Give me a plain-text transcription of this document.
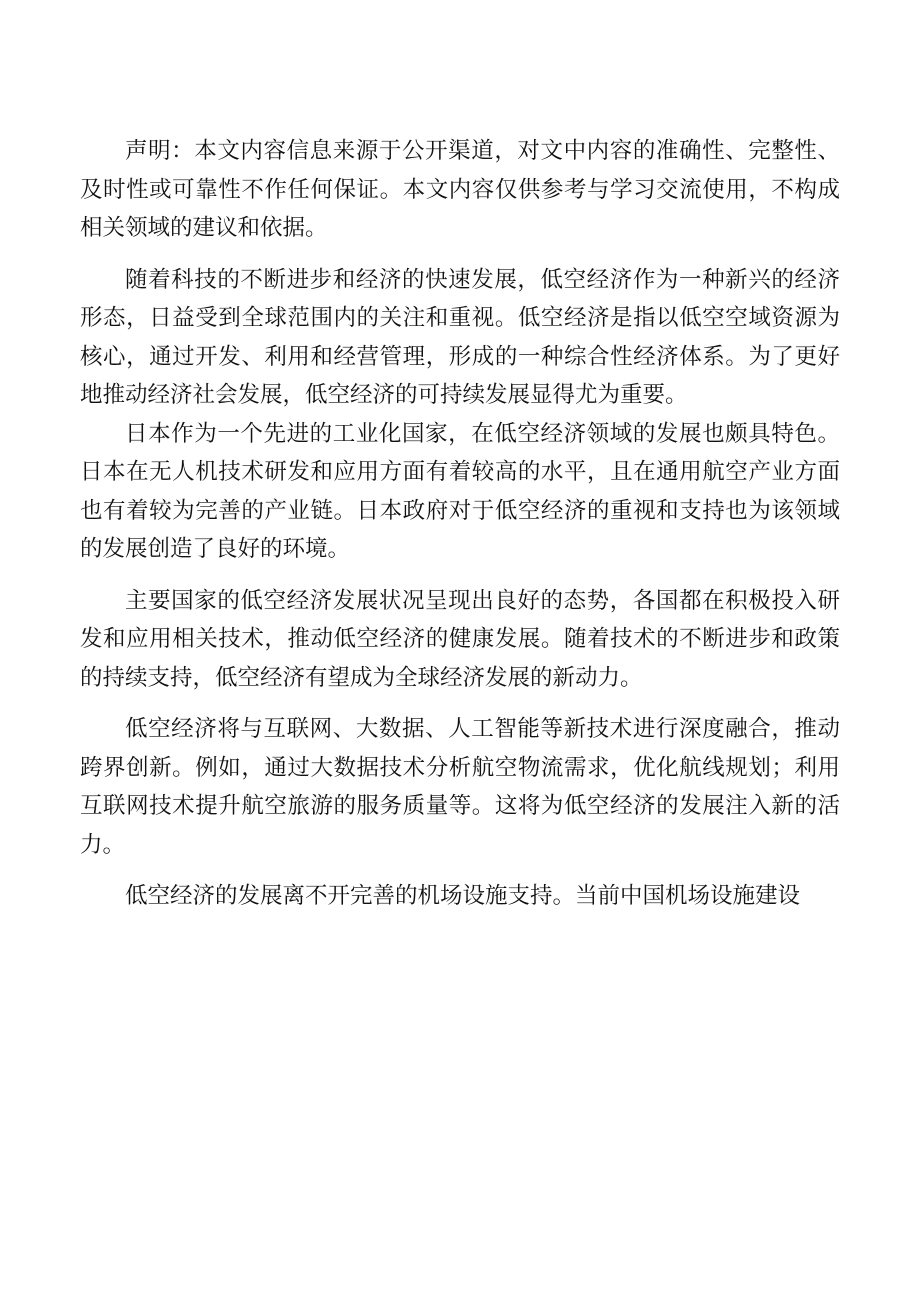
声明：本文内容信息来源于公开渠道，对文中内容的准确性、完整性、及时性或可靠性不作任何保证。本文内容仅供参考与学习交流使用，不构成相关领域的建议和依据。

随着科技的不断进步和经济的快速发展，低空经济作为一种新兴的经济形态，日益受到全球范围内的关注和重视。低空经济是指以低空空域资源为核心，通过开发、利用和经营管理，形成的一种综合性经济体系。为了更好地推动经济社会发展，低空经济的可持续发展显得尤为重要。

日本作为一个先进的工业化国家，在低空经济领域的发展也颇具特色。日本在无人机技术研发和应用方面有着较高的水平，且在通用航空产业方面也有着较为完善的产业链。日本政府对于低空经济的重视和支持也为该领域的发展创造了良好的环境。

主要国家的低空经济发展状况呈现出良好的态势，各国都在积极投入研发和应用相关技术，推动低空经济的健康发展。随着技术的不断进步和政策的持续支持，低空经济有望成为全球经济发展的新动力。

低空经济将与互联网、大数据、人工智能等新技术进行深度融合，推动跨界创新。例如，通过大数据技术分析航空物流需求，优化航线规划；利用互联网技术提升航空旅游的服务质量等。这将为低空经济的发展注入新的活力。

低空经济的发展离不开完善的机场设施支持。当前中国机场设施建设
